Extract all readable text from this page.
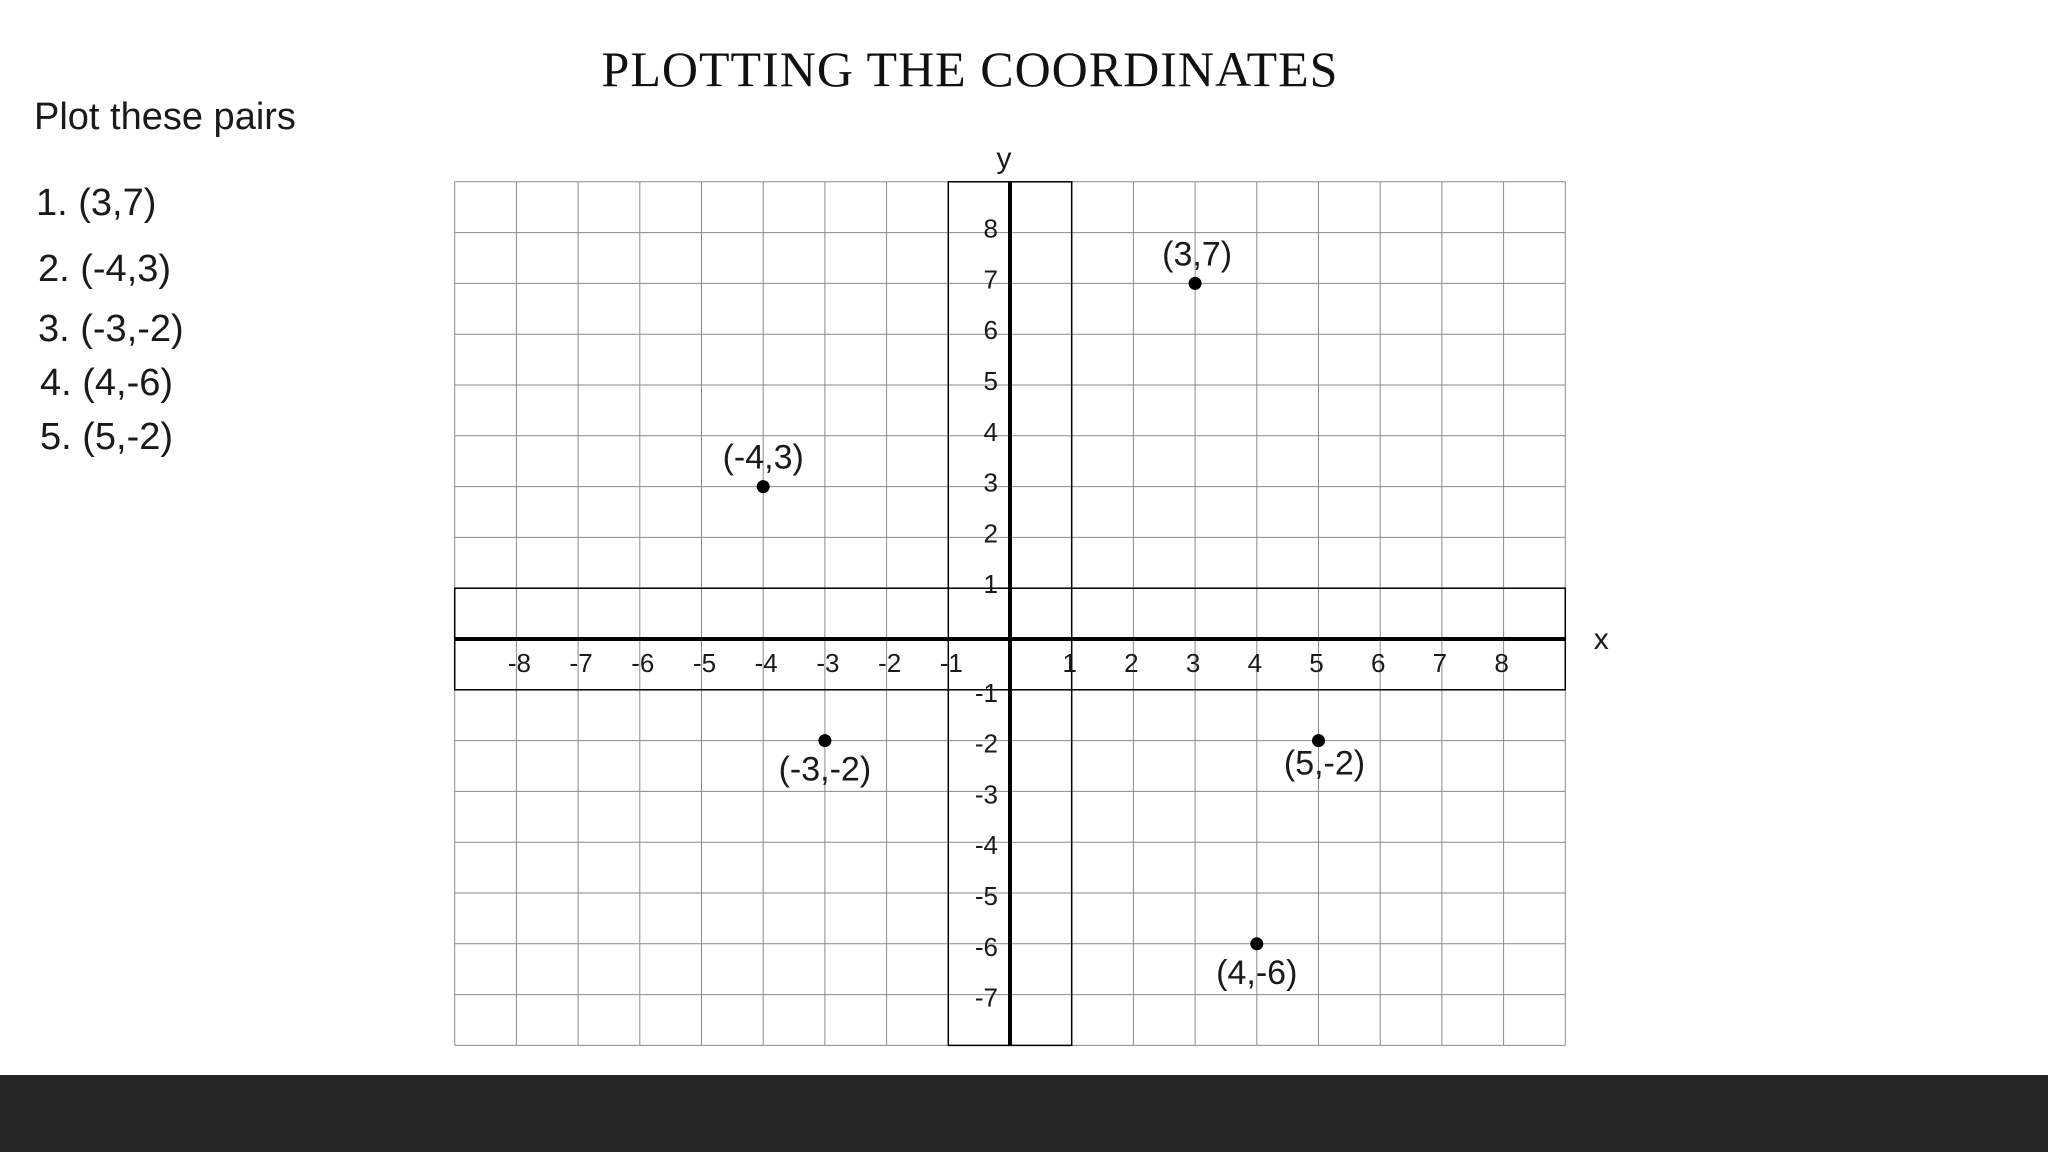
PLOTTING THE COORDINATES
Plot these pairs
1. (3,7)
2. (-4,3)
3. (-3,-2)
4. (4,-6)
5. (5,-2)
x
y
-8 -7 -6 -5 -4 -3 -2 -1	1 2 3 4 5 6 7 8
8
7
6
5
4
3
2
1
-1
-2
-3
-4
-5
-6
-7
(3,7)
(-4,3)
(-3,-2)
(4,-6)
(5,-2)
